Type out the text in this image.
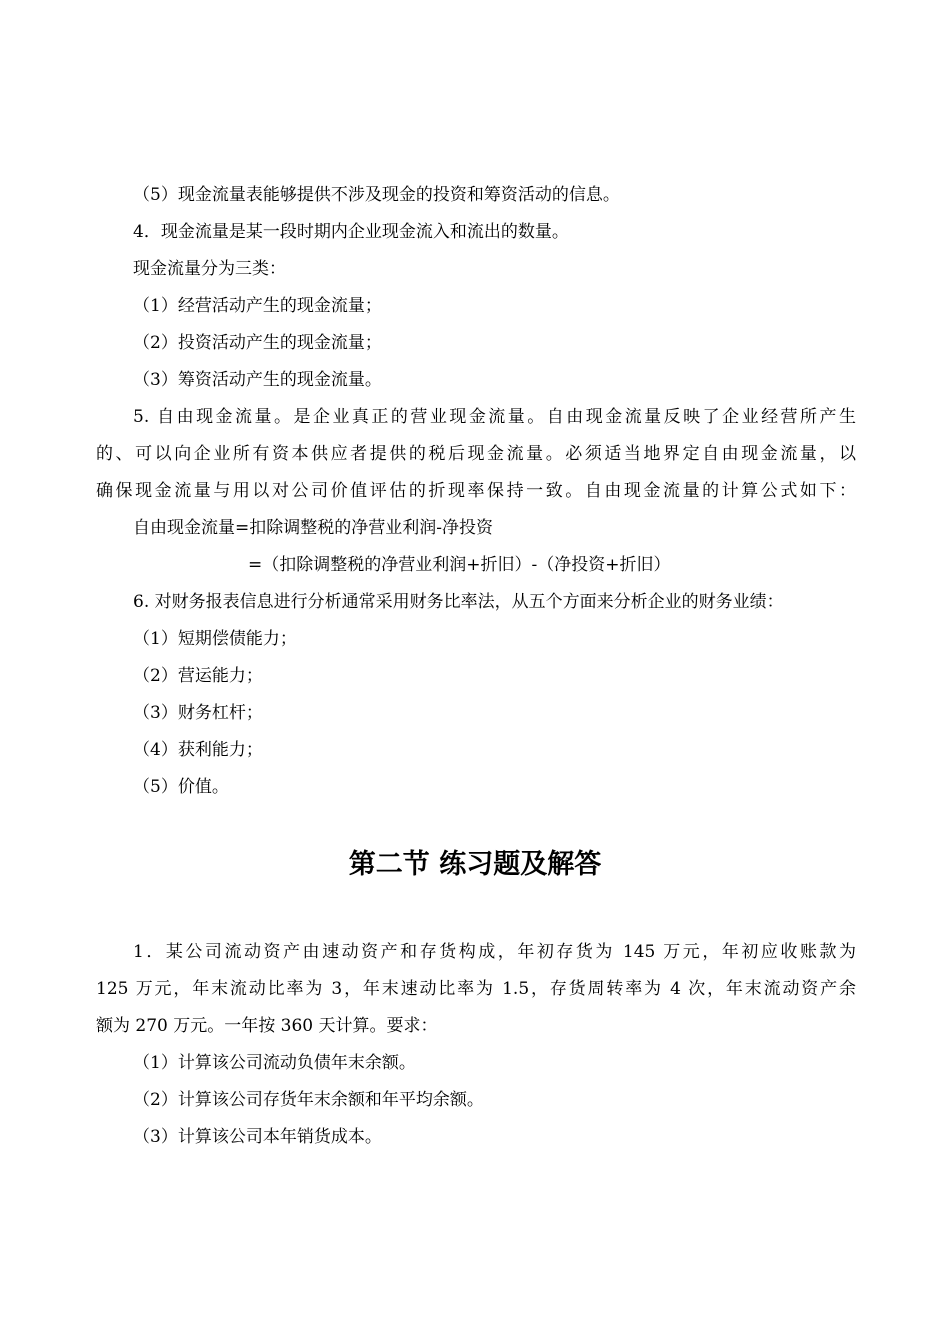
（5）现金流量表能够提供不涉及现金的投资和筹资活动的信息。
4．现金流量是某一段时期内企业现金流入和流出的数量。
现金流量分为三类：
（1）经营活动产生的现金流量；
（2）投资活动产生的现金流量；
（3）筹资活动产生的现金流量。
5. 自由现金流量。是企业真正的营业现金流量。自由现金流量反映了企业经营所产生
的、可以向企业所有资本供应者提供的税后现金流量。必须适当地界定自由现金流量，以
确保现金流量与用以对公司价值评估的折现率保持一致。自由现金流量的计算公式如下：
自由现金流量=扣除调整税的净营业利润-净投资
=（扣除调整税的净营业利润+折旧）-（净投资+折旧）
6. 对财务报表信息进行分析通常采用财务比率法，从五个方面来分析企业的财务业绩：
（1）短期偿债能力；
（2）营运能力；
（3）财务杠杆；
（4）获利能力；
（5）价值。
第二节 练习题及解答
1．某公司流动资产由速动资产和存货构成，年初存货为 145 万元，年初应收账款为
125 万元，年末流动比率为 3，年末速动比率为 1.5，存货周转率为 4 次，年末流动资产余
额为 270 万元。一年按 360 天计算。要求：
（1）计算该公司流动负债年末余额。
（2）计算该公司存货年末余额和年平均余额。
（3）计算该公司本年销货成本。
